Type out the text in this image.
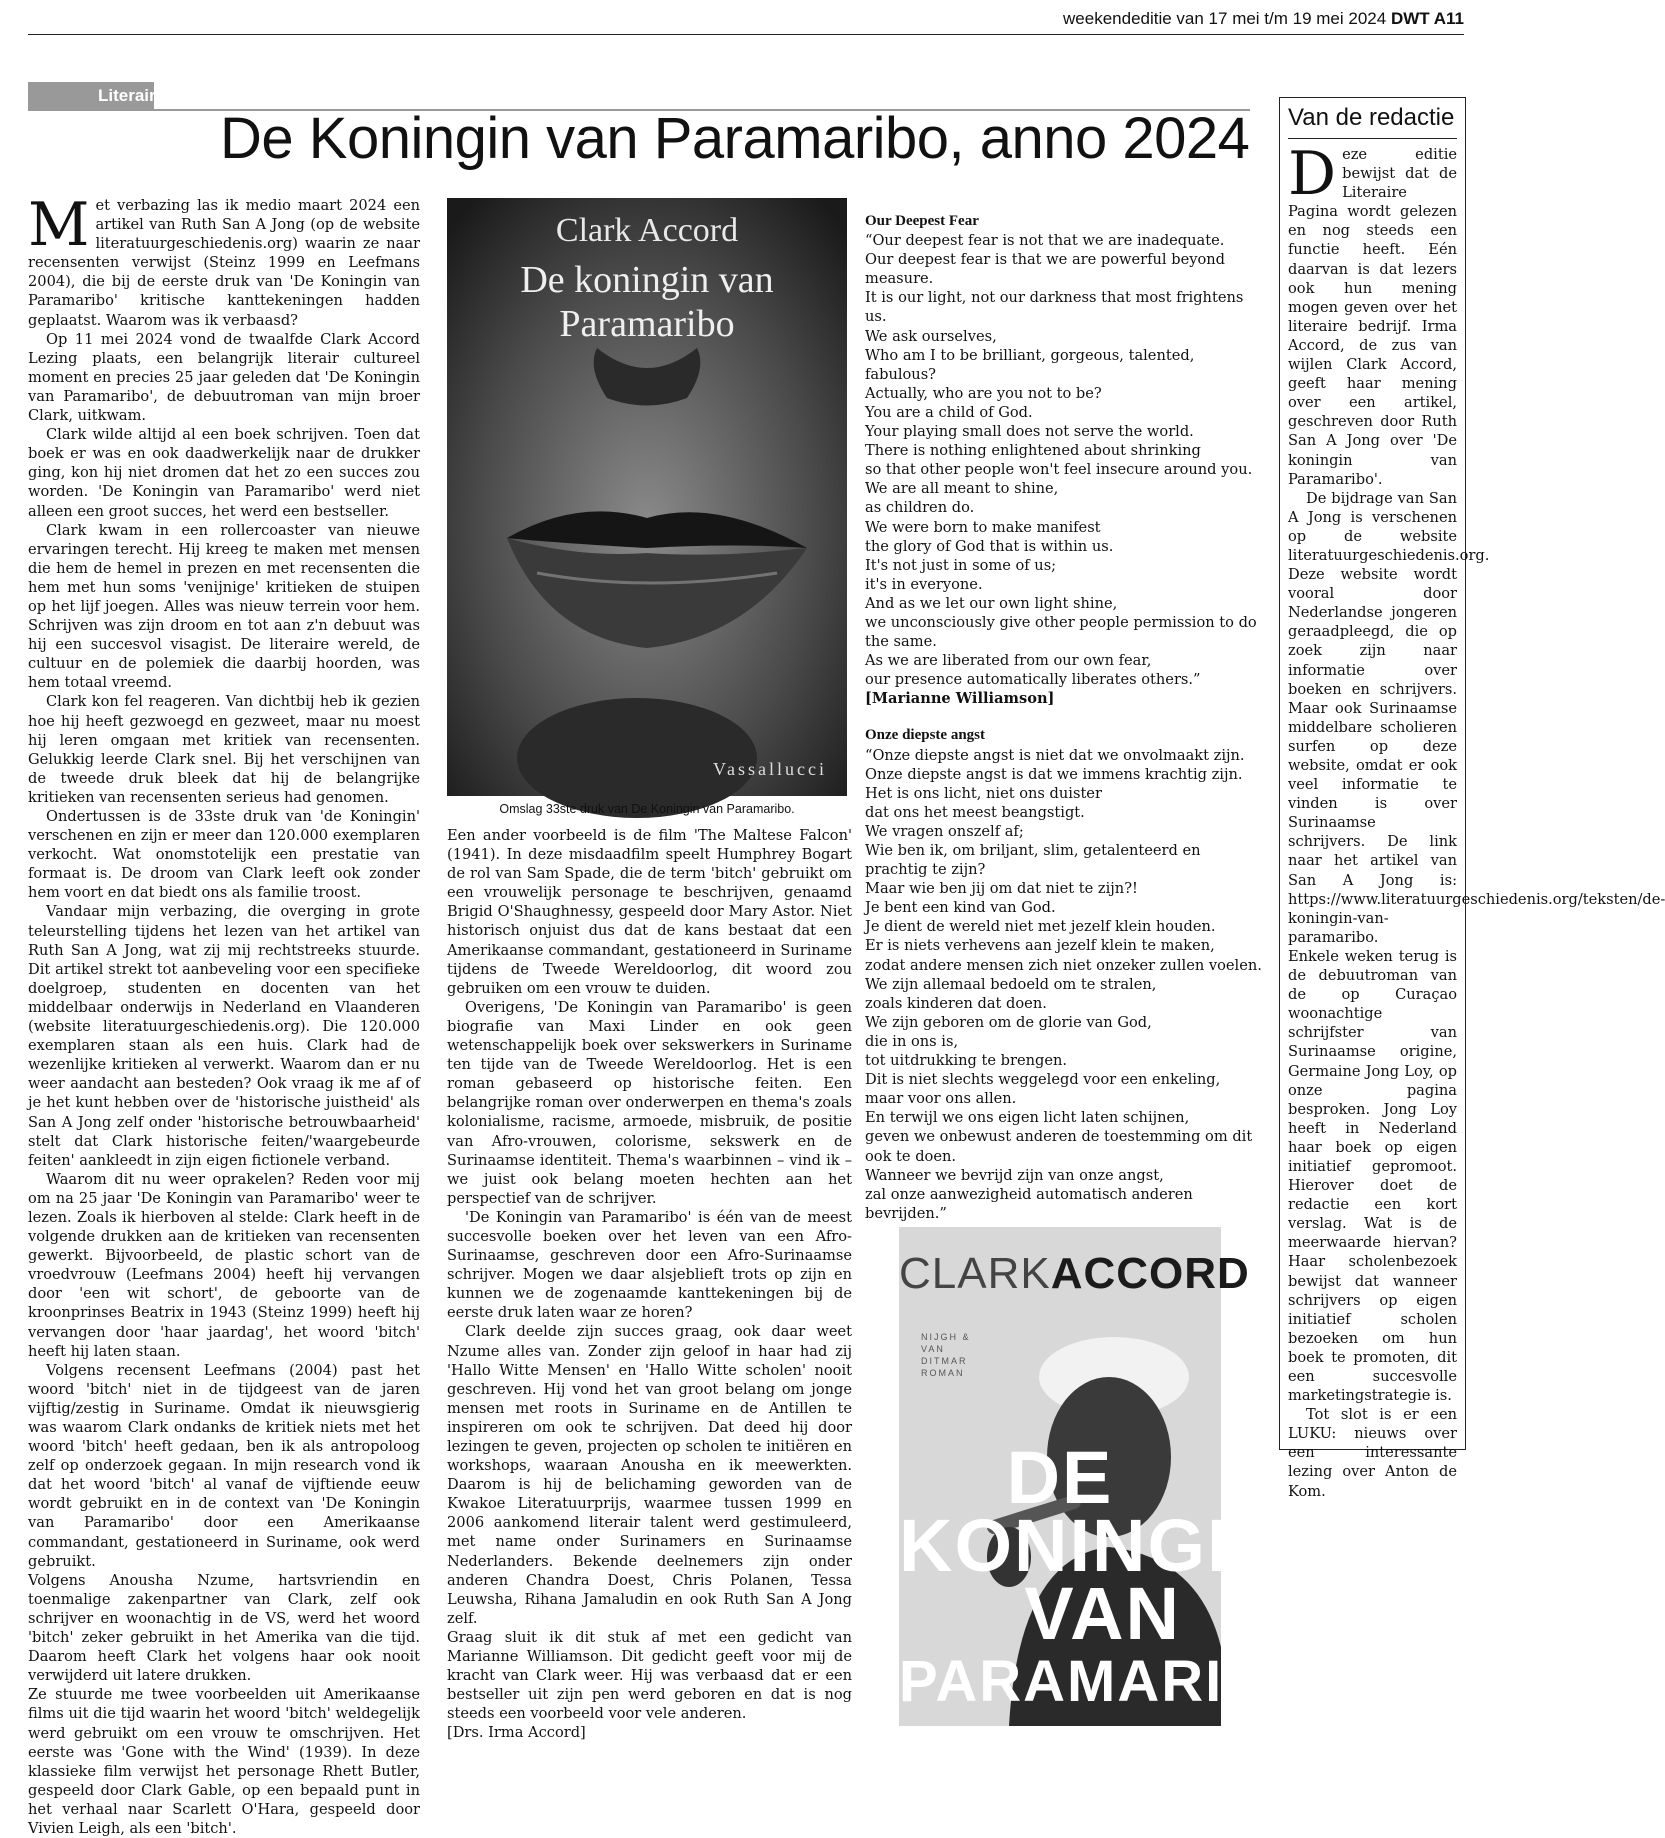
weekendeditie van 17 mei t/m 19 mei 2024 DWT A11
Literair
De Koningin van Paramaribo, anno 2024

Met verbazing las ik medio maart 2024 een artikel van Ruth San A Jong (op de website literatuurgeschiedenis.org) waarin ze naar recensenten verwijst (Steinz 1999 en Leefmans 2004), die bij de eerste druk van 'De Koningin van Paramaribo' kritische kanttekeningen hadden geplaatst. Waarom was ik verbaasd?

Op 11 mei 2024 vond de twaalfde Clark Accord Lezing plaats, een belangrijk literair cultureel moment en precies 25 jaar geleden dat 'De Koningin van Paramaribo', de debuutroman van mijn broer Clark, uitkwam.

Clark wilde altijd al een boek schrijven. Toen dat boek er was en ook daadwerkelijk naar de drukker ging, kon hij niet dromen dat het zo een succes zou worden. 'De Koningin van Paramaribo' werd niet alleen een groot succes, het werd een bestseller.

Clark kwam in een rollercoaster van nieuwe ervaringen terecht. Hij kreeg te maken met mensen die hem de hemel in prezen en met recensenten die hem met hun soms 'venijnige' kritieken de stuipen op het lijf joegen. Alles was nieuw terrein voor hem. Schrijven was zijn droom en tot aan z'n debuut was hij een succesvol visagist. De literaire wereld, de cultuur en de polemiek die daarbij hoorden, was hem totaal vreemd.

Clark kon fel reageren. Van dichtbij heb ik gezien hoe hij heeft gezwoegd en gezweet, maar nu moest hij leren omgaan met kritiek van recensenten. Gelukkig leerde Clark snel. Bij het verschijnen van de tweede druk bleek dat hij de belangrijke kritieken van recensenten serieus had genomen.

Ondertussen is de 33ste druk van 'de Koningin' verschenen en zijn er meer dan 120.000 exemplaren verkocht. Wat onomstotelijk een prestatie van formaat is. De droom van Clark leeft ook zonder hem voort en dat biedt ons als familie troost.

Vandaar mijn verbazing, die overging in grote teleurstelling tijdens het lezen van het artikel van Ruth San A Jong, wat zij mij rechtstreeks stuurde. Dit artikel strekt tot aanbeveling voor een specifieke doelgroep, studenten en docenten van het middelbaar onderwijs in Nederland en Vlaanderen (website literatuurgeschiedenis.org). Die 120.000 exemplaren staan als een huis. Clark had de wezenlijke kritieken al verwerkt. Waarom dan er nu weer aandacht aan besteden? Ook vraag ik me af of je het kunt hebben over de 'historische juistheid' als San A Jong zelf onder 'historische betrouwbaarheid' stelt dat Clark historische feiten/'waargebeurde feiten' aankleedt in zijn eigen fictionele verband.

Waarom dit nu weer oprakelen? Reden voor mij om na 25 jaar 'De Koningin van Paramaribo' weer te lezen. Zoals ik hierboven al stelde: Clark heeft in de volgende drukken aan de kritieken van recensenten gewerkt. Bijvoorbeeld, de plastic schort van de vroedvrouw (Leefmans 2004) heeft hij vervangen door 'een wit schort', de geboorte van de kroonprinses Beatrix in 1943 (Steinz 1999) heeft hij vervangen door 'haar jaardag', het woord 'bitch' heeft hij laten staan.

Volgens recensent Leefmans (2004) past het woord 'bitch' niet in de tijdgeest van de jaren vijftig/zestig in Suriname. Omdat ik nieuwsgierig was waarom Clark ondanks de kritiek niets met het woord 'bitch' heeft gedaan, ben ik als antropoloog zelf op onderzoek gegaan. In mijn research vond ik dat het woord 'bitch' al vanaf de vijftiende eeuw wordt gebruikt en in de context van 'De Koningin van Paramaribo' door een Amerikaanse commandant, gestationeerd in Suriname, ook werd gebruikt.

Volgens Anousha Nzume, hartsvriendin en toenmalige zakenpartner van Clark, zelf ook schrijver en woonachtig in de VS, werd het woord 'bitch' zeker gebruikt in het Amerika van die tijd. Daarom heeft Clark het volgens haar ook nooit verwijderd uit latere drukken.

Ze stuurde me twee voorbeelden uit Amerikaanse films uit die tijd waarin het woord 'bitch' weldegelijk werd gebruikt om een vrouw te omschrijven. Het eerste was 'Gone with the Wind' (1939). In deze klassieke film verwijst het personage Rhett Butler, gespeeld door Clark Gable, op een bepaald punt in het verhaal naar Scarlett O'Hara, gespeeld door Vivien Leigh, als een 'bitch'.

Clark Accord
De koningin van Paramaribo
Vassallucci
Omslag 33ste druk van De Koningin van Paramaribo.

Een ander voorbeeld is de film 'The Maltese Falcon' (1941). In deze misdaadfilm speelt Humphrey Bogart de rol van Sam Spade, die de term 'bitch' gebruikt om een vrouwelijk personage te beschrijven, genaamd Brigid O'Shaughnessy, gespeeld door Mary Astor. Niet historisch onjuist dus dat de kans bestaat dat een Amerikaanse commandant, gestationeerd in Suriname tijdens de Tweede Wereldoorlog, dit woord zou gebruiken om een vrouw te duiden.

Overigens, 'De Koningin van Paramaribo' is geen biografie van Maxi Linder en ook geen wetenschappelijk boek over sekswerkers in Suriname ten tijde van de Tweede Wereldoorlog. Het is een roman gebaseerd op historische feiten. Een belangrijke roman over onderwerpen en thema's zoals kolonialisme, racisme, armoede, misbruik, de positie van Afro-vrouwen, colorisme, sekswerk en de Surinaamse identiteit. Thema's waarbinnen – vind ik – we juist ook belang moeten hechten aan het perspectief van de schrijver.

'De Koningin van Paramaribo' is één van de meest succesvolle boeken over het leven van een Afro-Surinaamse, geschreven door een Afro-Surinaamse schrijver. Mogen we daar alsjeblieft trots op zijn en kunnen we de zogenaamde kanttekeningen bij de eerste druk laten waar ze horen?

Clark deelde zijn succes graag, ook daar weet Nzume alles van. Zonder zijn geloof in haar had zij 'Hallo Witte Mensen' en 'Hallo Witte scholen' nooit geschreven. Hij vond het van groot belang om jonge mensen met roots in Suriname en de Antillen te inspireren om ook te schrijven. Dat deed hij door lezingen te geven, projecten op scholen te initiëren en workshops, waaraan Anousha en ik meewerkten. Daarom is hij de belichaming geworden van de Kwakoe Literatuurprijs, waarmee tussen 1999 en 2006 aankomend literair talent werd gestimuleerd, met name onder Surinamers en Surinaamse Nederlanders. Bekende deelnemers zijn onder anderen Chandra Doest, Chris Polanen, Tessa Leuwsha, Rihana Jamaludin en ook Ruth San A Jong zelf.

Graag sluit ik dit stuk af met een gedicht van Marianne Williamson. Dit gedicht geeft voor mij de kracht van Clark weer. Hij was verbaasd dat er een bestseller uit zijn pen werd geboren en dat is nog steeds een voorbeeld voor vele anderen.

[Drs. Irma Accord]

Our Deepest Fear

“Our deepest fear is not that we are inadequate.

Our deepest fear is that we are powerful beyond measure.

It is our light, not our darkness that most frightens us.

We ask ourselves,

Who am I to be brilliant, gorgeous, talented, fabulous?

Actually, who are you not to be?

You are a child of God.

Your playing small does not serve the world.

There is nothing enlightened about shrinking

so that other people won't feel insecure around you.

We are all meant to shine,

as children do.

We were born to make manifest

the glory of God that is within us.

It's not just in some of us;

it's in everyone.

And as we let our own light shine,

we unconsciously give other people permission to do the same.

As we are liberated from our own fear,

our presence automatically liberates others.”

[Marianne Williamson]

Onze diepste angst

“Onze diepste angst is niet dat we onvolmaakt zijn.

Onze diepste angst is dat we immens krachtig zijn.

Het is ons licht, niet ons duister

dat ons het meest beangstigt.

We vragen onszelf af;

Wie ben ik, om briljant, slim, getalenteerd en prachtig te zijn?

Maar wie ben jij om dat niet te zijn?!

Je bent een kind van God.

Je dient de wereld niet met jezelf klein houden.

Er is niets verhevens aan jezelf klein te maken,

zodat andere mensen zich niet onzeker zullen voelen.

We zijn allemaal bedoeld om te stralen,

zoals kinderen dat doen.

We zijn geboren om de glorie van God,

die in ons is,

tot uitdrukking te brengen.

Dit is niet slechts weggelegd voor een enkeling,

maar voor ons allen.

En terwijl we ons eigen licht laten schijnen,

geven we onbewust anderen de toestemming om dit ook te doen.

Wanneer we bevrijd zijn van onze angst,

zal onze aanwezigheid automatisch anderen bevrijden.”

CLARKACCORD
NIJGH & VAN DITMAR ROMAN
DE
KONINGIN
VAN
PARAMARIBO
Van de redactie

Deze editie bewijst dat de Literaire Pagina wordt gelezen en nog steeds een functie heeft. Eén daarvan is dat lezers ook hun mening mogen geven over het literaire bedrijf. Irma Accord, de zus van wijlen Clark Accord, geeft haar mening over een artikel, geschreven door Ruth San A Jong over 'De koningin van Paramaribo'.

De bijdrage van San A Jong is verschenen op de website literatuurgeschiedenis.org. Deze website wordt vooral door Nederlandse jongeren geraadpleegd, die op zoek zijn naar informatie over boeken en schrijvers. Maar ook Surinaamse middelbare scholieren surfen op deze website, omdat er ook veel informatie te vinden is over Surinaamse schrijvers. De link naar het artikel van San A Jong is: https://www.literatuurgeschiedenis.org/teksten/de-koningin-van-paramaribo.

Enkele weken terug is de debuutroman van de op Curaçao woonachtige schrijfster van Surinaamse origine, Germaine Jong Loy, op onze pagina besproken. Jong Loy heeft in Nederland haar boek op eigen initiatief gepromoot. Hierover doet de redactie een kort verslag. Wat is de meerwaarde hiervan? Haar scholenbezoek bewijst dat wanneer schrijvers op eigen initiatief scholen bezoeken om hun boek te promoten, dit een succesvolle marketingstrategie is.

Tot slot is er een LUKU: nieuws over een interessante lezing over Anton de Kom.
